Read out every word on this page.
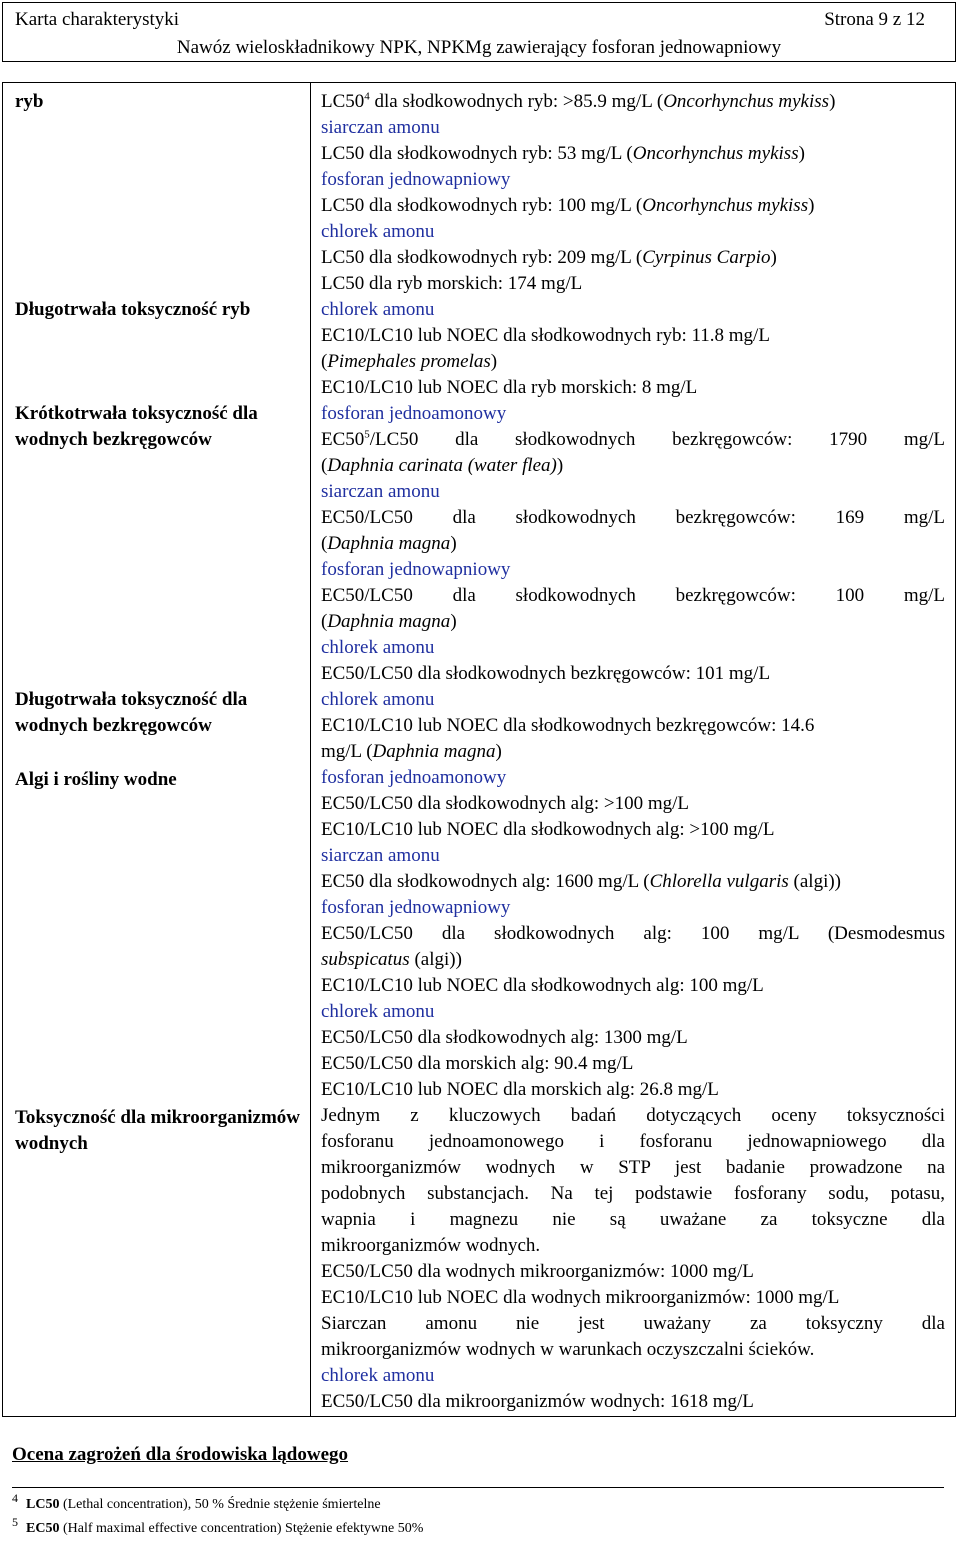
Karta charakterystyki	Strona 9 z 12
Nawóz wieloskładnikowy NPK, NPKMg zawierający fosforan jednowapniowy
ryb
Długotrwała toksyczność ryb
Krótkotrwała toksyczność dla wodnych bezkręgowców
Długotrwała toksyczność dla wodnych bezkręgowców
Algi i rośliny wodne
Toksyczność dla mikroorganizmów wodnych
$LC50^4$ dla słodkowodnych ryb: >85.9 mg/L (Oncorhynchus mykiss)
siarczan amonu
LC50 dla słodkowodnych ryb: 53 mg/L (Oncorhynchus mykiss)
fosforan jednowapniowy
LC50 dla słodkowodnych ryb: 100 mg/L (Oncorhynchus mykiss)
chlorek amonu
LC50 dla słodkowodnych ryb: 209 mg/L (Cyrpinus Carpio)
LC50 dla ryb morskich: 174 mg/L
chlorek amonu
EC10/LC10 lub NOEC dla słodkowodnych ryb: 11.8 mg/L
(Pimephales promelas)
EC10/LC10 lub NOEC dla ryb morskich: 8 mg/L
fosforan jednoamonowy
$EC50^5/LC50$ dla słodkowodnych bezkręgowców: 1790 mg/L
(Daphnia carinata (water flea))
siarczan amonu
EC50/LC50 dla słodkowodnych bezkręgowców: 169 mg/L
(Daphnia magna)
fosforan jednowapniowy
EC50/LC50 dla słodkowodnych bezkręgowców: 100 mg/L
(Daphnia magna)
chlorek amonu
EC50/LC50 dla słodkowodnych bezkręgowców: 101 mg/L
chlorek amonu
EC10/LC10 lub NOEC dla słodkowodnych bezkręgowców: 14.6
mg/L (Daphnia magna)
fosforan jednoamonowy
EC50/LC50 dla słodkowodnych alg: >100 mg/L
EC10/LC10 lub NOEC dla słodkowodnych alg: >100 mg/L
siarczan amonu
EC50 dla słodkowodnych alg: 1600 mg/L (Chlorella vulgaris (algi))
fosforan jednowapniowy
EC50/LC50 dla słodkowodnych alg: 100 mg/L (Desmodesmus
subspicatus (algi))
EC10/LC10 lub NOEC dla słodkowodnych alg: 100 mg/L
chlorek amonu
EC50/LC50 dla słodkowodnych alg: 1300 mg/L
EC50/LC50 dla morskich alg: 90.4 mg/L
EC10/LC10 lub NOEC dla morskich alg: 26.8 mg/L
Jednym z kluczowych badań dotyczących oceny toksyczności
fosforanu jednoamonowego i fosforanu jednowapniowego dla
mikroorganizmów wodnych w STP jest badanie prowadzone na
podobnych substancjach. Na tej podstawie fosforany sodu, potasu,
wapnia i magnezu nie są uważane za toksyczne dla
mikroorganizmów wodnych.
EC50/LC50 dla wodnych mikroorganizmów: 1000 mg/L
EC10/LC10 lub NOEC dla wodnych mikroorganizmów: 1000 mg/L
Siarczan amonu nie jest uważany za toksyczny dla
mikroorganizmów wodnych w warunkach oczyszczalni ścieków.
chlorek amonu
EC50/LC50 dla mikroorganizmów wodnych: 1618 mg/L
Ocena zagrożeń dla środowiska lądowego
4 LC50 (Lethal concentration), 50 % Średnie stężenie śmiertelne
5 EC50 (Half maximal effective concentration) Stężenie efektywne 50%
